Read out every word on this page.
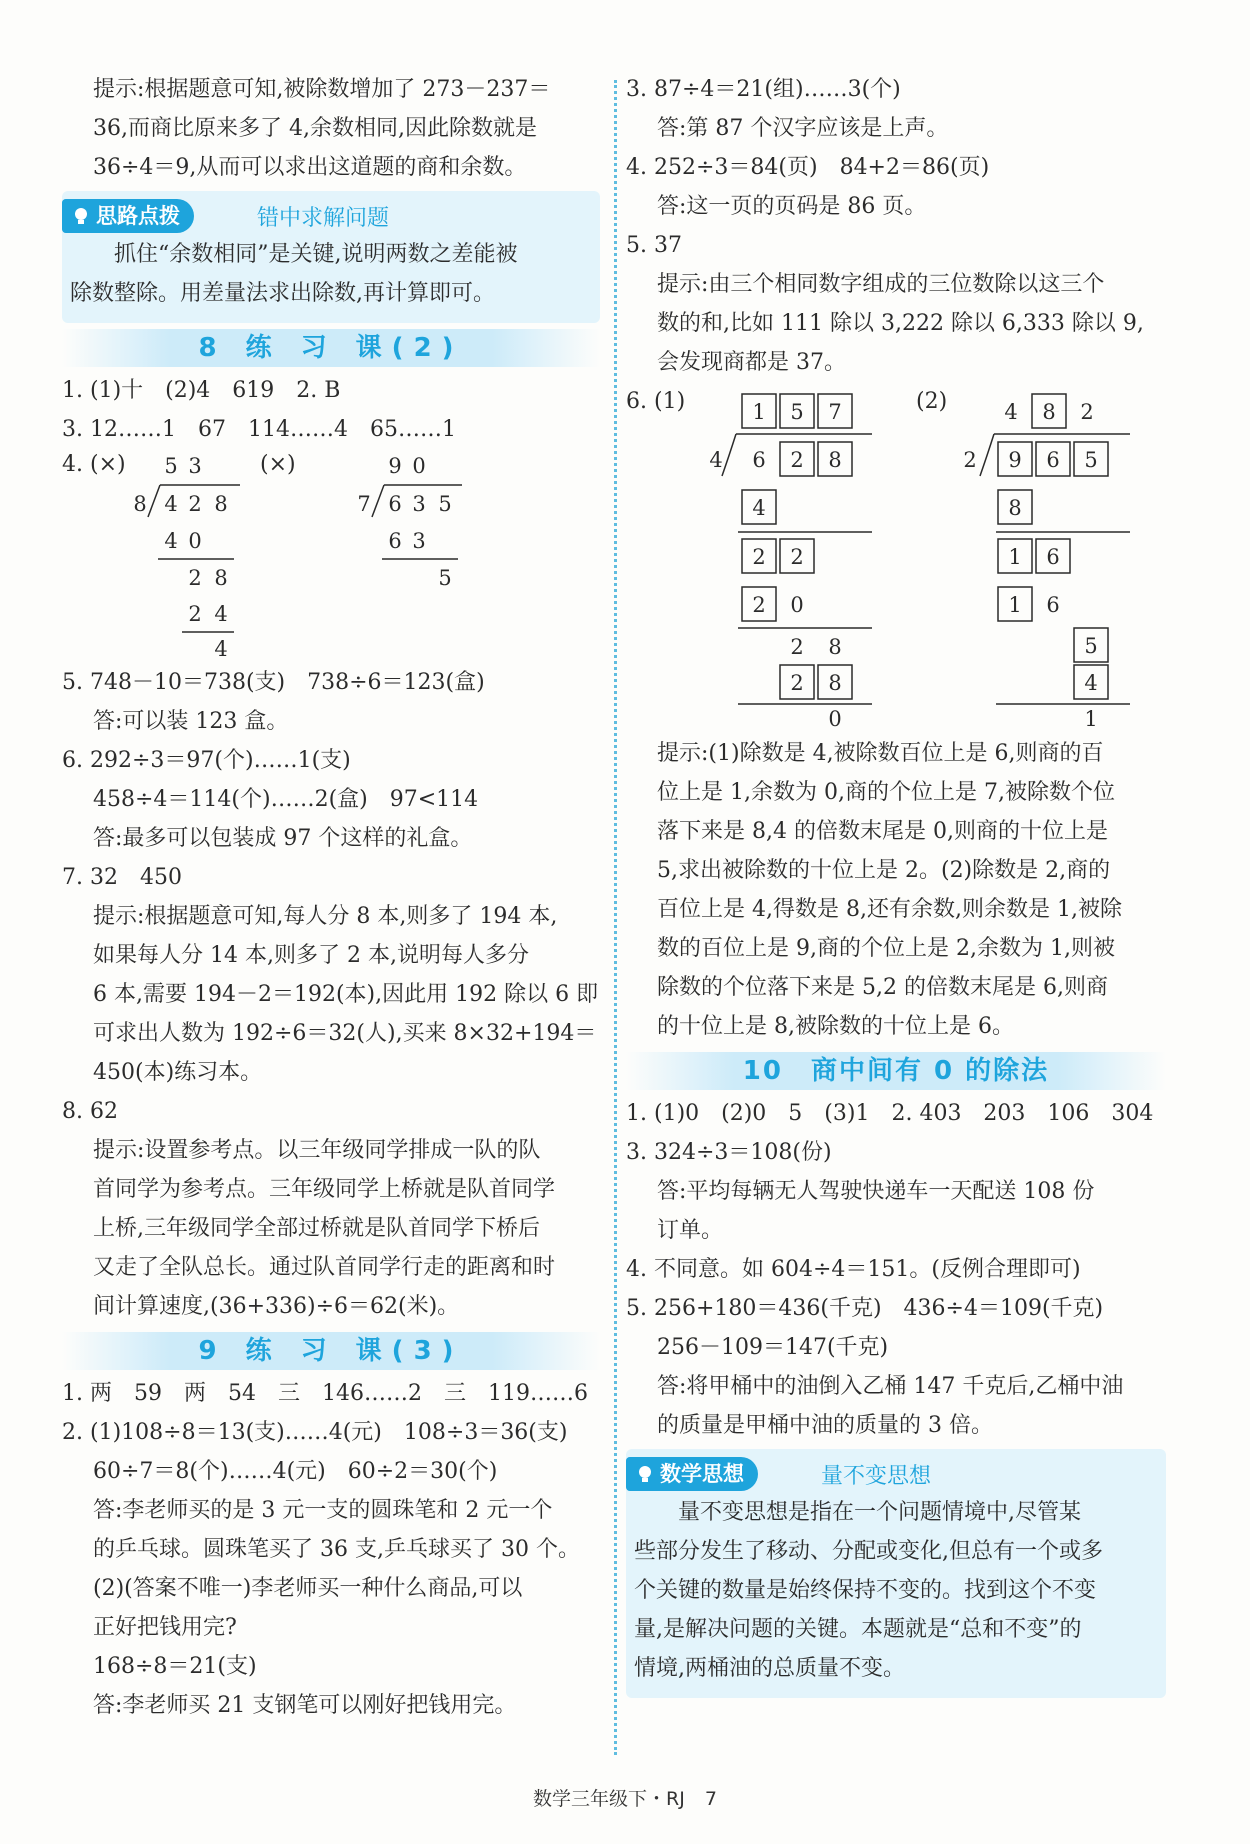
提示:根据题意可知,被除数增加了 273－237＝
36,而商比原来多了 4,余数相同,因此除数就是
36÷4＝9,从而可以求出这道题的商和余数。
思路点拨	错中求解问题
抓住“余数相同”是关键,说明两数之差能被
除数整除。用差量法求出除数,再计算即可。
8 练 习 课(2)
1. (1)十　(2)4　619　2. B
3. 12……1　67　114……4　65……1
4. (×)	(×)
5 3
8 4 2 8
4 0
2 8
2 4
4
9 0
7 6 3 5
6 3
5
5. 748－10＝738(支)　738÷6＝123(盒)
答:可以装 123 盒。
6. 292÷3＝97(个)……1(支)
458÷4＝114(个)……2(盒)　97<114
答:最多可以包装成 97 个这样的礼盒。
7. 32　450
提示:根据题意可知,每人分 8 本,则多了 194 本,
如果每人分 14 本,则多了 2 本,说明每人多分
6 本,需要 194－2＝192(本),因此用 192 除以 6 即
可求出人数为 192÷6＝32(人),买来 8×32+194＝
450(本)练习本。
8. 62
提示:设置参考点。以三年级同学排成一队的队
首同学为参考点。三年级同学上桥就是队首同学
上桥,三年级同学全部过桥就是队首同学下桥后
又走了全队总长。通过队首同学行走的距离和时
间计算速度,(36+336)÷6＝62(米)。
9 练 习 课(3)
1. 两　59　两　54　三　146……2　三　119……6
2. (1)108÷8＝13(支)……4(元)　108÷3＝36(支)
60÷7＝8(个)……4(元)　60÷2＝30(个)
答:李老师买的是 3 元一支的圆珠笔和 2 元一个
的乒乓球。圆珠笔买了 36 支,乒乓球买了 30 个。
(2)(答案不唯一)李老师买一种什么商品,可以
正好把钱用完?
168÷8＝21(支)
答:李老师买 21 支钢笔可以刚好把钱用完。
3. 87÷4＝21(组)……3(个)
答:第 87 个汉字应该是上声。
4. 252÷3＝84(页)　84+2＝86(页)
答:这一页的页码是 86 页。
5. 37
提示:由三个相同数字组成的三位数除以这三个
数的和,比如 111 除以 3,222 除以 6,333 除以 9,
会发现商都是 37。
6. (1)	(2)
1 5 7
4 6 2 8
4
2 2
2 0
2 8
2 8
4 8 2
2 9 6 5
8
1 6
1 6
5
4
0	1
提示:(1)除数是 4,被除数百位上是 6,则商的百
位上是 1,余数为 0,商的个位上是 7,被除数个位
落下来是 8,4 的倍数末尾是 0,则商的十位上是
5,求出被除数的十位上是 2。(2)除数是 2,商的
百位上是 4,得数是 8,还有余数,则余数是 1,被除
数的百位上是 9,商的个位上是 2,余数为 1,则被
除数的个位落下来是 5,2 的倍数末尾是 6,则商
的十位上是 8,被除数的十位上是 6。
10　商中间有 0 的除法
1. (1)0　(2)0　5　(3)1　2. 403　203　106　304
3. 324÷3＝108(份)
答:平均每辆无人驾驶快递车一天配送 108 份
订单。
4. 不同意。如 604÷4＝151。(反例合理即可)
5. 256+180＝436(千克)　436÷4＝109(千克)
256－109＝147(千克)
答:将甲桶中的油倒入乙桶 147 千克后,乙桶中油
的质量是甲桶中油的质量的 3 倍。
数学思想	量不变思想
量不变思想是指在一个问题情境中,尽管某
些部分发生了移动、分配或变化,但总有一个或多
个关键的数量是始终保持不变的。找到这个不变
量,是解决问题的关键。本题就是“总和不变”的
情境,两桶油的总质量不变。
数学三年级下・RJ 7
